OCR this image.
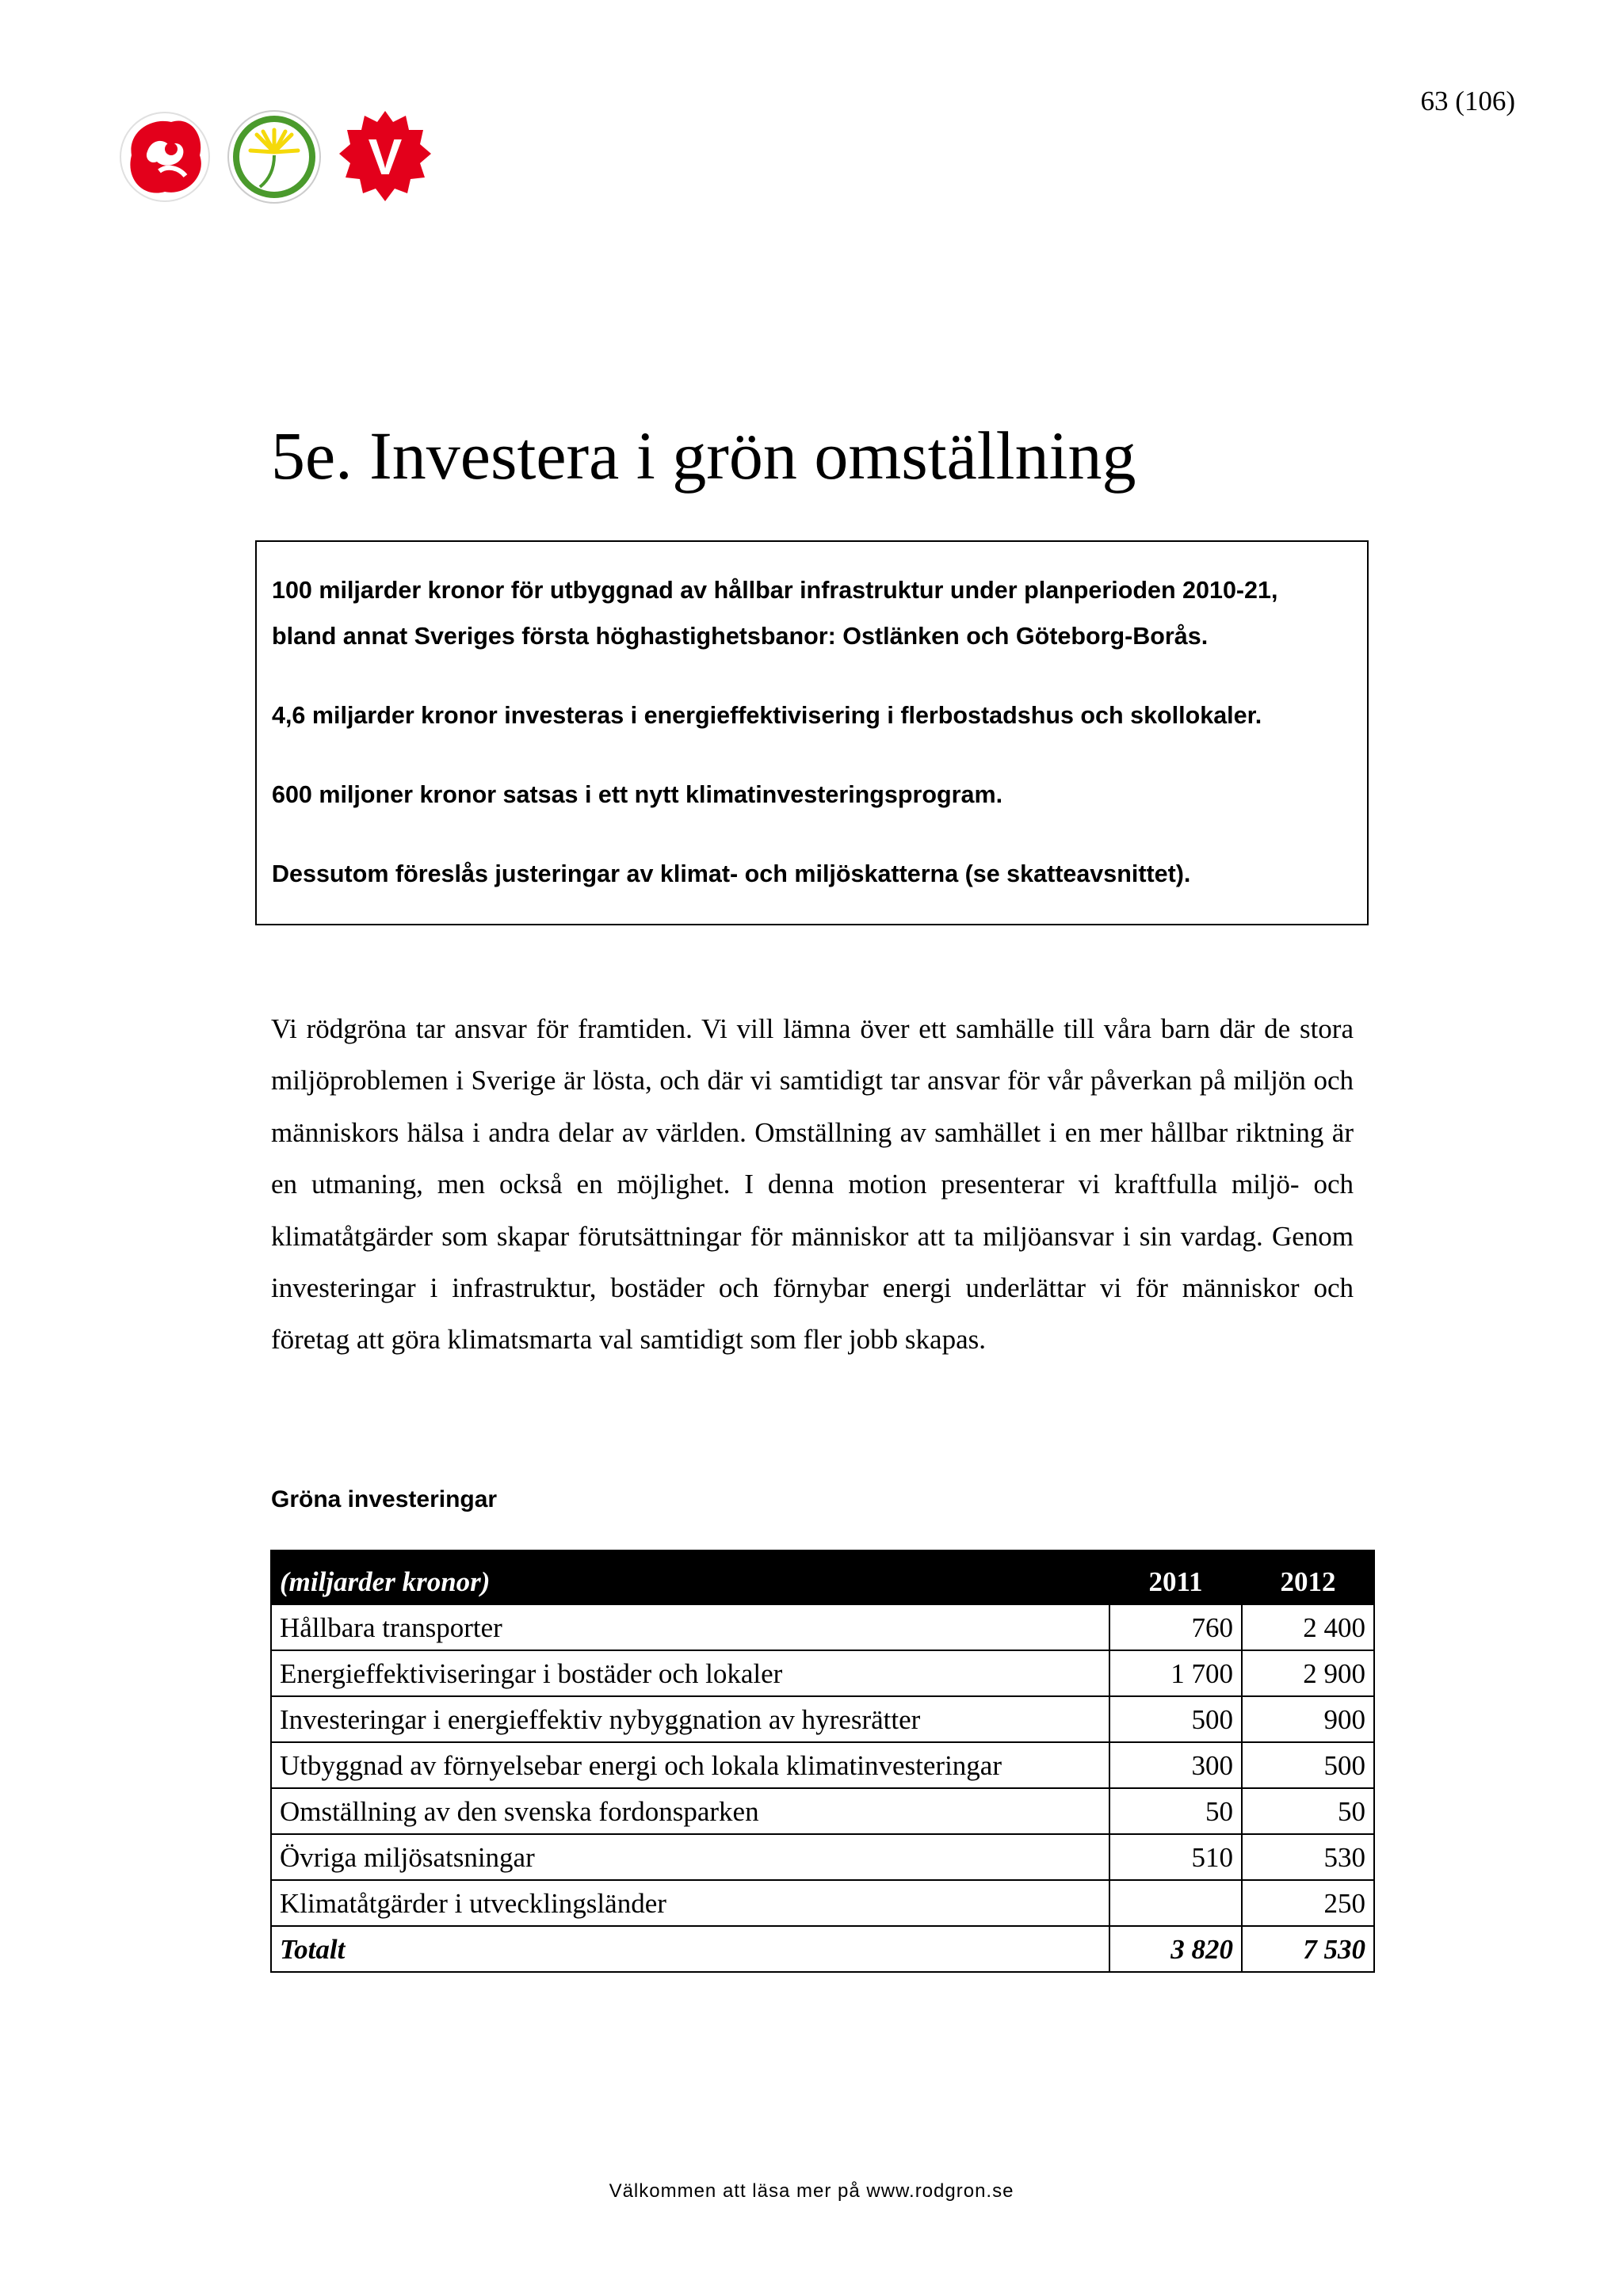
63 (106)
V
5e. Investera i grön omställning

100 miljarder kronor för utbyggnad av hållbar infrastruktur under planperioden 2010-21,
bland annat Sveriges första höghastighetsbanor: Ostlänken och Göteborg-Borås.

4,6 miljarder kronor investeras i energieffektivisering i flerbostadshus och skollokaler.

600 miljoner kronor satsas i ett nytt klimatinvesteringsprogram.

Dessutom föreslås justeringar av klimat- och miljöskatterna (se skatteavsnittet).

Vi rödgröna tar ansvar för framtiden. Vi vill lämna över ett samhälle till våra barn där de stora miljöproblemen i Sverige är lösta, och där vi samtidigt tar ansvar för vår påverkan på miljön och människors hälsa i andra delar av världen. Omställning av samhället i en mer hållbar riktning är en utmaning, men också en möjlighet. I denna motion presenterar vi kraftfulla miljö- och klimatåtgärder som skapar förutsättningar för människor att ta miljöansvar i sin vardag. Genom investeringar i infrastruktur, bostäder och förnybar energi underlättar vi för människor och företag att göra klimatsmarta val samtidigt som fler jobb skapas.

Gröna investeringar

(miljarder kronor)	2011	2012
Hållbara transporter	760	2 400
Energieffektiviseringar i bostäder och lokaler	1 700	2 900
Investeringar i energieffektiv nybyggnation av hyresrätter	500	900
Utbyggnad av förnyelsebar energi och lokala klimatinvesteringar	300	500
Omställning av den svenska fordonsparken	50	50
Övriga miljösatsningar	510	530
Klimatåtgärder i utvecklingsländer		250
Totalt	3 820	7 530
Välkommen att läsa mer på www.rodgron.se
